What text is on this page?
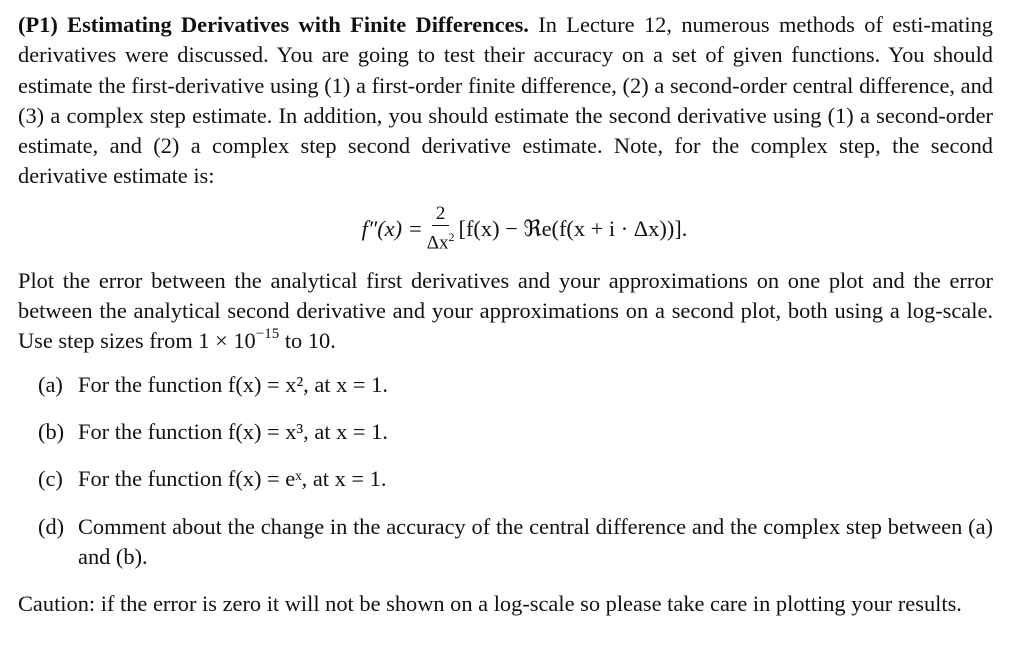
(P1) Estimating Derivatives with Finite Differences. In Lecture 12, numerous methods of esti-mating derivatives were discussed. You are going to test their accuracy on a set of given functions. You should estimate the first-derivative using (1) a first-order finite difference, (2) a second-order central difference, and (3) a complex step estimate. In addition, you should estimate the second derivative using (1) a second-order estimate, and (2) a complex step second derivative estimate. Note, for the complex step, the second derivative estimate is:

$f''(x) = \frac{2}{\Delta x^2} [f(x)$ − ℜe(f(x + i · Δx))].

Plot the error between the analytical first derivatives and your approximations on one plot and the error between the analytical second derivative and your approximations on a second plot, both using a log-scale. Use step sizes from $1 \times 10^{-15}$ to 10.

(a) For the function f(x) = x², at x = 1.
(b) For the function f(x) = x³, at x = 1.
(c) For the function f(x) = eˣ, at x = 1.
(d) Comment about the change in the accuracy of the central difference and the complex step between (a) and (b).

Caution: if the error is zero it will not be shown on a log-scale so please take care in plotting your results.
